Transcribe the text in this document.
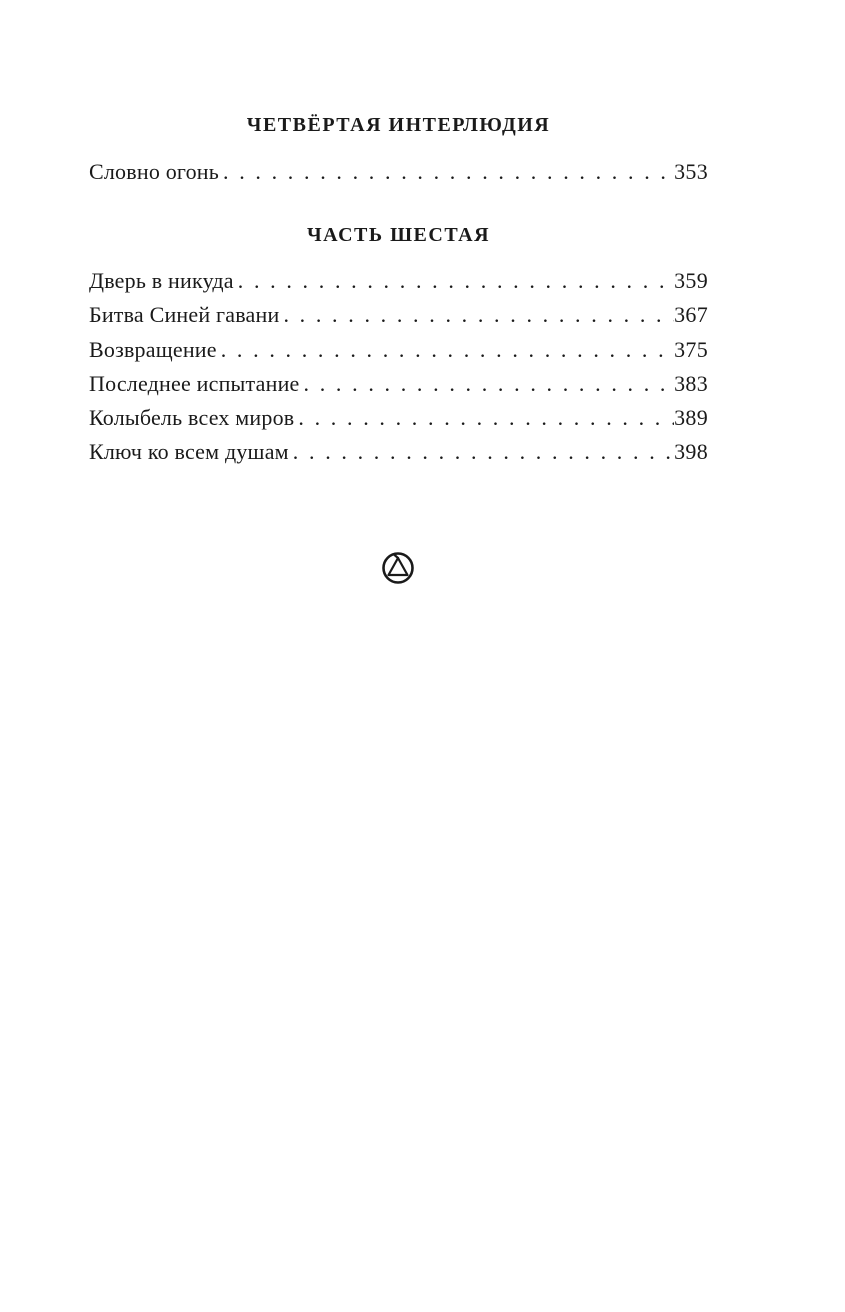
ЧЕТВЁРТАЯ ИНТЕРЛЮДИЯ
Словно огонь . . .	353
ЧАСТЬ ШЕСТАЯ
Дверь в никуда . . .	359
Битва Синей гавани . . .	367
Возвращение . . .	375
Последнее испытание . . .	383
Колыбель всех миров . . .	389
Ключ ко всем душам . . .	398
